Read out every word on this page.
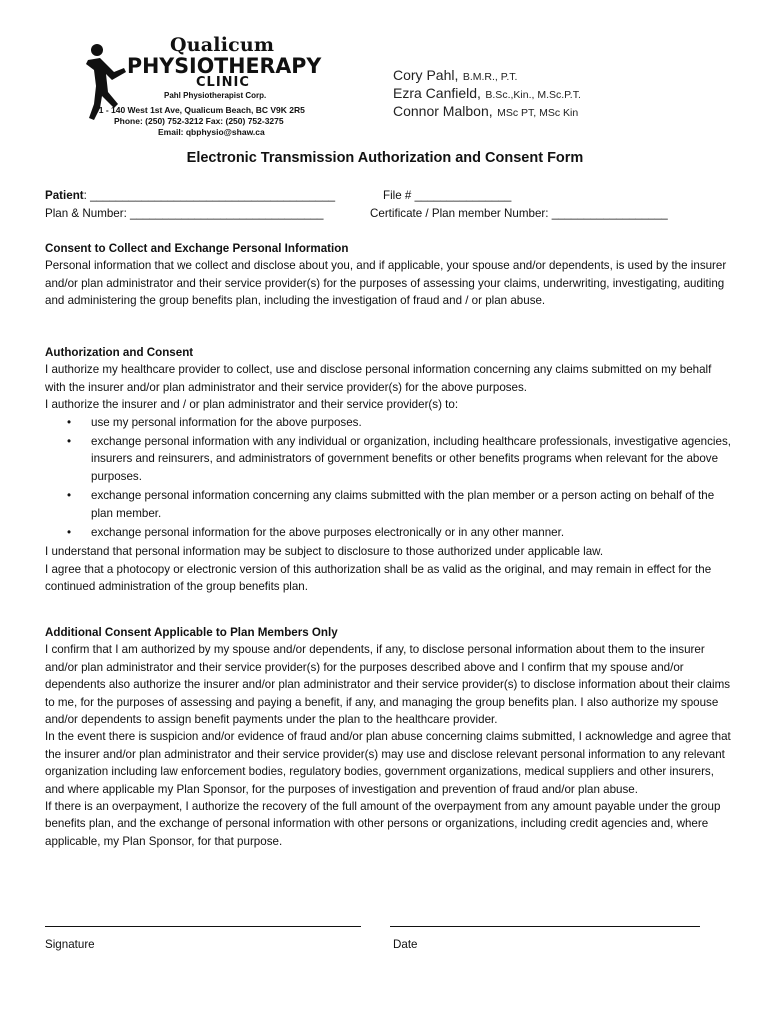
Qualicum
PHYSIOTHERAPY
CLINIC
Pahl Physiotherapist Corp.
#1 - 140 West 1st Ave, Qualicum Beach, BC V9K 2R5
Phone: (250) 752-3212 Fax: (250) 752-3275
Email: qbphysio@shaw.ca
Cory Pahl, B.M.R., P.T.
Ezra Canfield, B.Sc.,Kin., M.Sc.P.T.
Connor Malbon, MSc PT, MSc Kin
Electronic Transmission Authorization and Consent Form
Patient: ______________________________________	File # _______________
Plan & Number: ______________________________	Certificate / Plan member Number: __________________
Consent to Collect and Exchange Personal Information

Personal information that we collect and disclose about you, and if applicable, your spouse and/or dependents, is used by the insurer and/or plan administrator and their service provider(s) for the purposes of assessing your claims, underwriting, investigating, auditing and administering the group benefits plan, including the investigation of fraud and / or plan abuse.

Authorization and Consent

I authorize my healthcare provider to collect, use and disclose personal information concerning any claims submitted on my behalf with the insurer and/or plan administrator and their service provider(s) for the above purposes.

I authorize the insurer and / or plan administrator and their service provider(s) to:

• use my personal information for the above purposes.
• exchange personal information with any individual or organization, including healthcare professionals, investigative agencies, insurers and reinsurers, and administrators of government benefits or other benefits programs when relevant for the above purposes.
• exchange personal information concerning any claims submitted with the plan member or a person acting on behalf of the plan member.
• exchange personal information for the above purposes electronically or in any other manner.

I understand that personal information may be subject to disclosure to those authorized under applicable law.

I agree that a photocopy or electronic version of this authorization shall be as valid as the original, and may remain in effect for the continued administration of the group benefits plan.

Additional Consent Applicable to Plan Members Only

I confirm that I am authorized by my spouse and/or dependents, if any, to disclose personal information about them to the insurer and/or plan administrator and their service provider(s) for the purposes described above and I confirm that my spouse and/or dependents also authorize the insurer and/or plan administrator and their service provider(s) to disclose information about their claims to me, for the purposes of assessing and paying a benefit, if any, and managing the group benefits plan. I also authorize my spouse and/or dependents to assign benefit payments under the plan to the healthcare provider.

In the event there is suspicion and/or evidence of fraud and/or plan abuse concerning claims submitted, I acknowledge and agree that the insurer and/or plan administrator and their service provider(s) may use and disclose relevant personal information to any relevant organization including law enforcement bodies, regulatory bodies, government organizations, medical suppliers and other insurers, and where applicable my Plan Sponsor, for the purposes of investigation and prevention of fraud and/or plan abuse.

If there is an overpayment, I authorize the recovery of the full amount of the overpayment from any amount payable under the group benefits plan, and the exchange of personal information with other persons or organizations, including credit agencies and, where applicable, my Plan Sponsor, for that purpose.

Signature	Date
